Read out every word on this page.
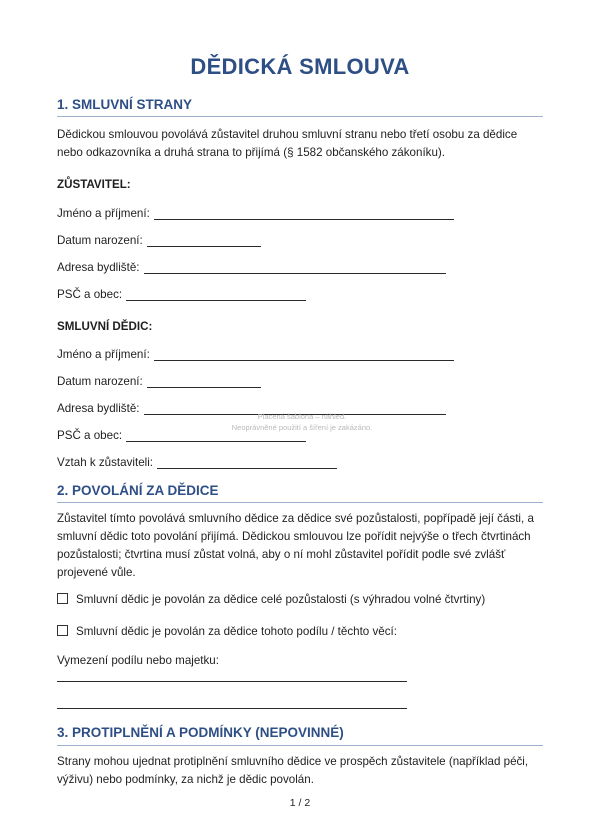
DĚDICKÁ SMLOUVA
1. SMLUVNÍ STRANY

Dědickou smlouvou povolává zůstavitel druhou smluvní stranu nebo třetí osobu za dědice nebo odkazovníka a druhá strana to přijímá (§ 1582 občanského zákoníku).

ZŮSTAVITEL:
Jméno a příjmení:
Datum narození:
Adresa bydliště:
PSČ a obec:
SMLUVNÍ DĚDIC:
Jméno a příjmení:
Datum narození:
Adresa bydliště:
PSČ a obec:
Vztah k zůstaviteli:
Placená šablona – náhled.
Neoprávněné použití a šíření je zakázáno.
2. POVOLÁNÍ ZA DĚDICE

Zůstavitel tímto povolává smluvního dědice za dědice své pozůstalosti, popřípadě její části, a smluvní dědic toto povolání přijímá. Dědickou smlouvou lze pořídit nejvýše o třech čtvrtinách pozůstalosti; čtvrtina musí zůstat volná, aby o ní mohl zůstavitel pořídit podle své zvlášť projevené vůle.

Smluvní dědic je povolán za dědice celé pozůstalosti (s výhradou volné čtvrtiny)
Smluvní dědic je povolán za dědice tohoto podílu / těchto věcí:
Vymezení podílu nebo majetku:
3. PROTIPLNĚNÍ A PODMÍNKY (NEPOVINNÉ)

Strany mohou ujednat protiplnění smluvního dědice ve prospěch zůstavitele (například péči, výživu) nebo podmínky, za nichž je dědic povolán.

1 / 2
